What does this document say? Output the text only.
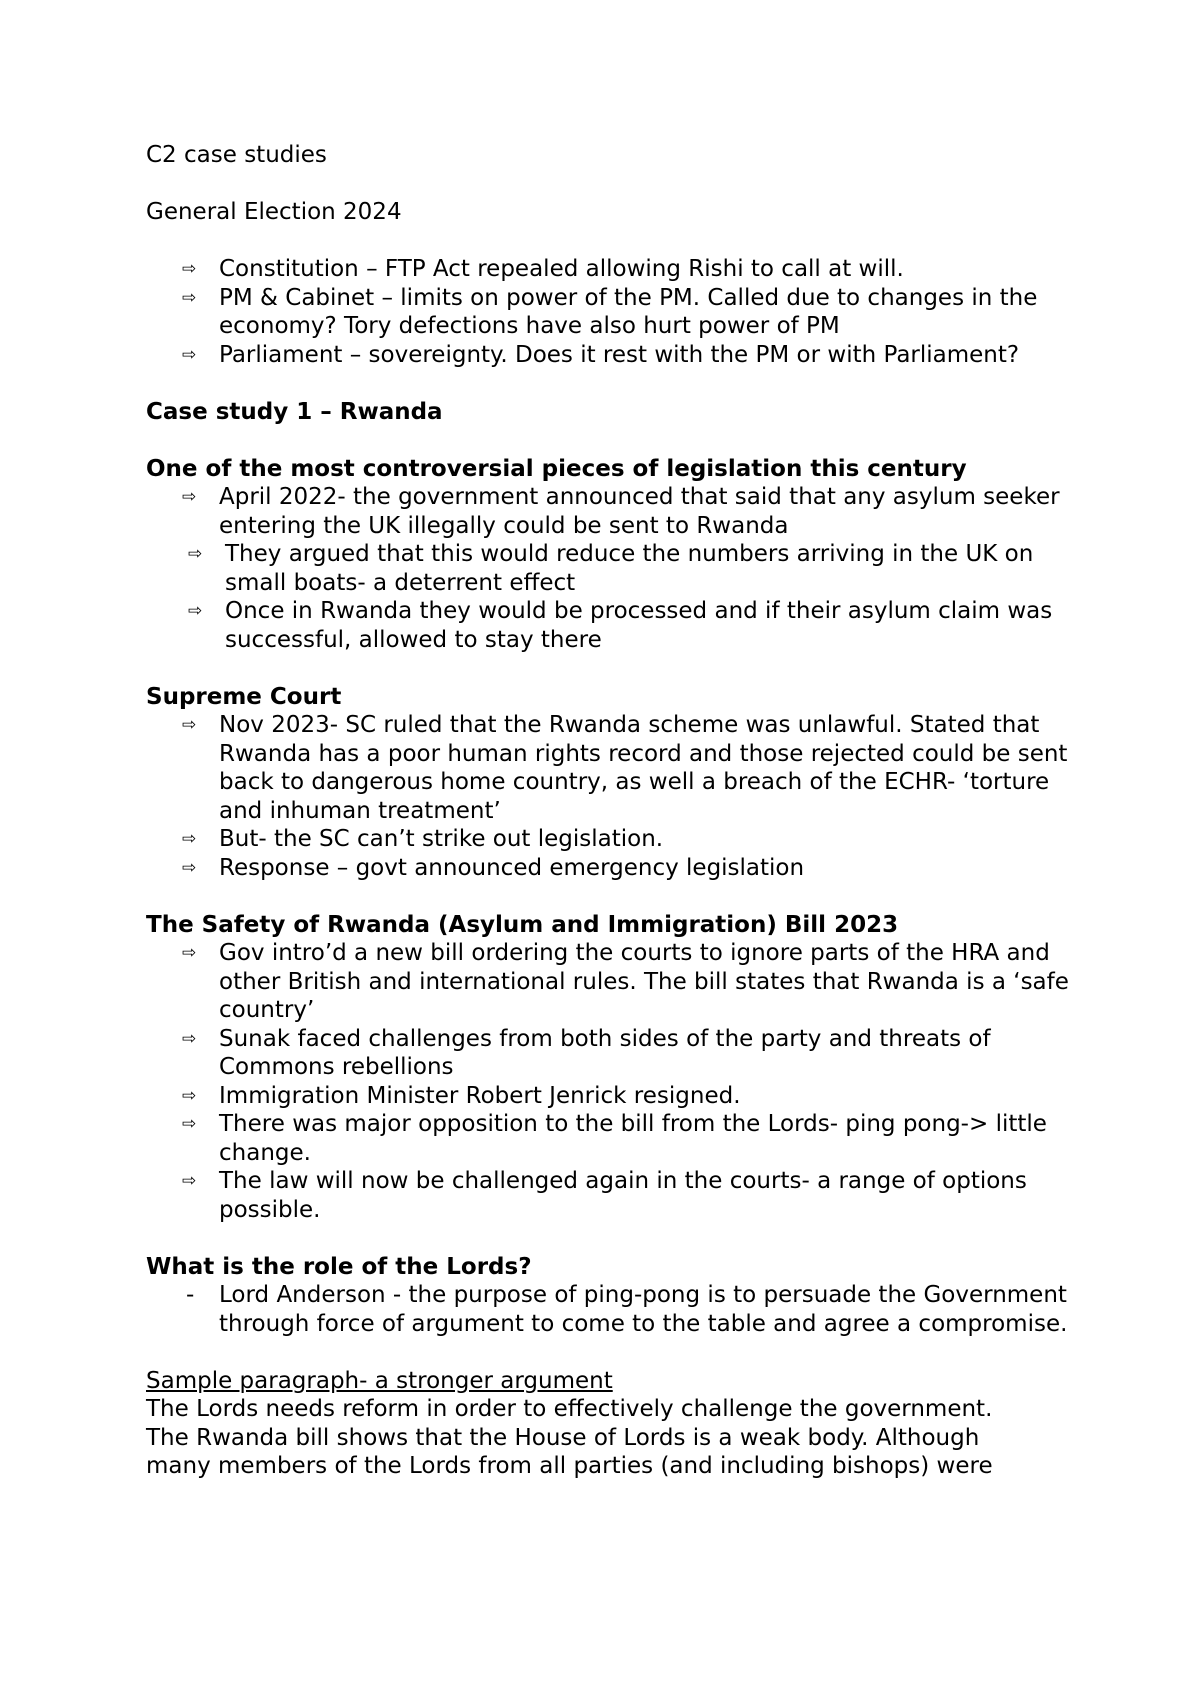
C2 case studies
General Election 2024
⇨ Constitution – FTP Act repealed allowing Rishi to call at will.
⇨ PM & Cabinet – limits on power of the PM. Called due to changes in the economy? Tory defections have also hurt power of PM
⇨ Parliament – sovereignty. Does it rest with the PM or with Parliament?
Case study 1 – Rwanda
One of the most controversial pieces of legislation this century
⇨ April 2022- the government announced that said that any asylum seeker entering the UK illegally could be sent to Rwanda
⇨ They argued that this would reduce the numbers arriving in the UK on small boats- a deterrent effect
⇨ Once in Rwanda they would be processed and if their asylum claim was successful, allowed to stay there
Supreme Court
⇨ Nov 2023- SC ruled that the Rwanda scheme was unlawful. Stated that Rwanda has a poor human rights record and those rejected could be sent back to dangerous home country, as well a breach of the ECHR- ‘torture and inhuman treatment’
⇨ But- the SC can’t strike out legislation.
⇨ Response – govt announced emergency legislation
The Safety of Rwanda (Asylum and Immigration) Bill 2023
⇨ Gov intro’d a new bill ordering the courts to ignore parts of the HRA and other British and international rules. The bill states that Rwanda is a ‘safe country’
⇨ Sunak faced challenges from both sides of the party and threats of Commons rebellions
⇨ Immigration Minister Robert Jenrick resigned.
⇨ There was major opposition to the bill from the Lords- ping pong-> little change.
⇨ The law will now be challenged again in the courts- a range of options possible.
What is the role of the Lords?
- Lord Anderson - the purpose of ping-pong is to persuade the Government through force of argument to come to the table and agree a compromise.
Sample paragraph- a stronger argument
The Lords needs reform in order to effectively challenge the government.
The Rwanda bill shows that the House of Lords is a weak body. Although
many members of the Lords from all parties (and including bishops) were
